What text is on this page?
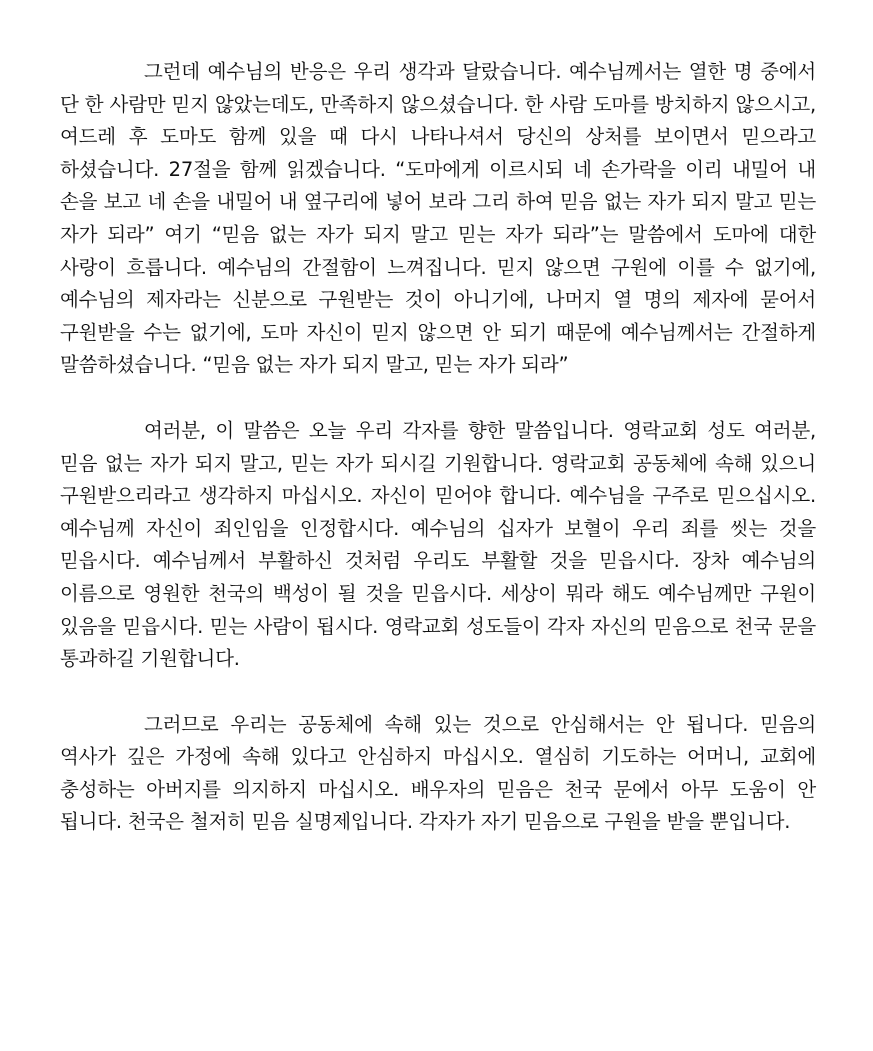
그런데 예수님의 반응은 우리 생각과 달랐습니다. 예수님께서는 열한 명 중에서 단 한 사람만 믿지 않았는데도, 만족하지 않으셨습니다. 한 사람 도마를 방치하지 않으시고, 여드레 후 도마도 함께 있을 때 다시 나타나셔서 당신의 상처를 보이면서 믿으라고 하셨습니다. 27절을 함께 읽겠습니다. “도마에게 이르시되 네 손가락을 이리 내밀어 내 손을 보고 네 손을 내밀어 내 옆구리에 넣어 보라 그리 하여 믿음 없는 자가 되지 말고 믿는 자가 되라” 여기 “믿음 없는 자가 되지 말고 믿는 자가 되라”는 말씀에서 도마에 대한 사랑이 흐릅니다. 예수님의 간절함이 느껴집니다. 믿지 않으면 구원에 이를 수 없기에, 예수님의 제자라는 신분으로 구원받는 것이 아니기에, 나머지 열 명의 제자에 묻어서 구원받을 수는 없기에, 도마 자신이 믿지 않으면 안 되기 때문에 예수님께서는 간절하게 말씀하셨습니다. “믿음 없는 자가 되지 말고, 믿는 자가 되라”

여러분, 이 말씀은 오늘 우리 각자를 향한 말씀입니다. 영락교회 성도 여러분, 믿음 없는 자가 되지 말고, 믿는 자가 되시길 기원합니다. 영락교회 공동체에 속해 있으니 구원받으리라고 생각하지 마십시오. 자신이 믿어야 합니다. 예수님을 구주로 믿으십시오. 예수님께 자신이 죄인임을 인정합시다. 예수님의 십자가 보혈이 우리 죄를 씻는 것을 믿읍시다. 예수님께서 부활하신 것처럼 우리도 부활할 것을 믿읍시다. 장차 예수님의 이름으로 영원한 천국의 백성이 될 것을 믿읍시다. 세상이 뭐라 해도 예수님께만 구원이 있음을 믿읍시다. 믿는 사람이 됩시다. 영락교회 성도들이 각자 자신의 믿음으로 천국 문을 통과하길 기원합니다.

그러므로 우리는 공동체에 속해 있는 것으로 안심해서는 안 됩니다. 믿음의 역사가 깊은 가정에 속해 있다고 안심하지 마십시오. 열심히 기도하는 어머니, 교회에 충성하는 아버지를 의지하지 마십시오. 배우자의 믿음은 천국 문에서 아무 도움이 안 됩니다. 천국은 철저히 믿음 실명제입니다. 각자가 자기 믿음으로 구원을 받을 뿐입니다.
